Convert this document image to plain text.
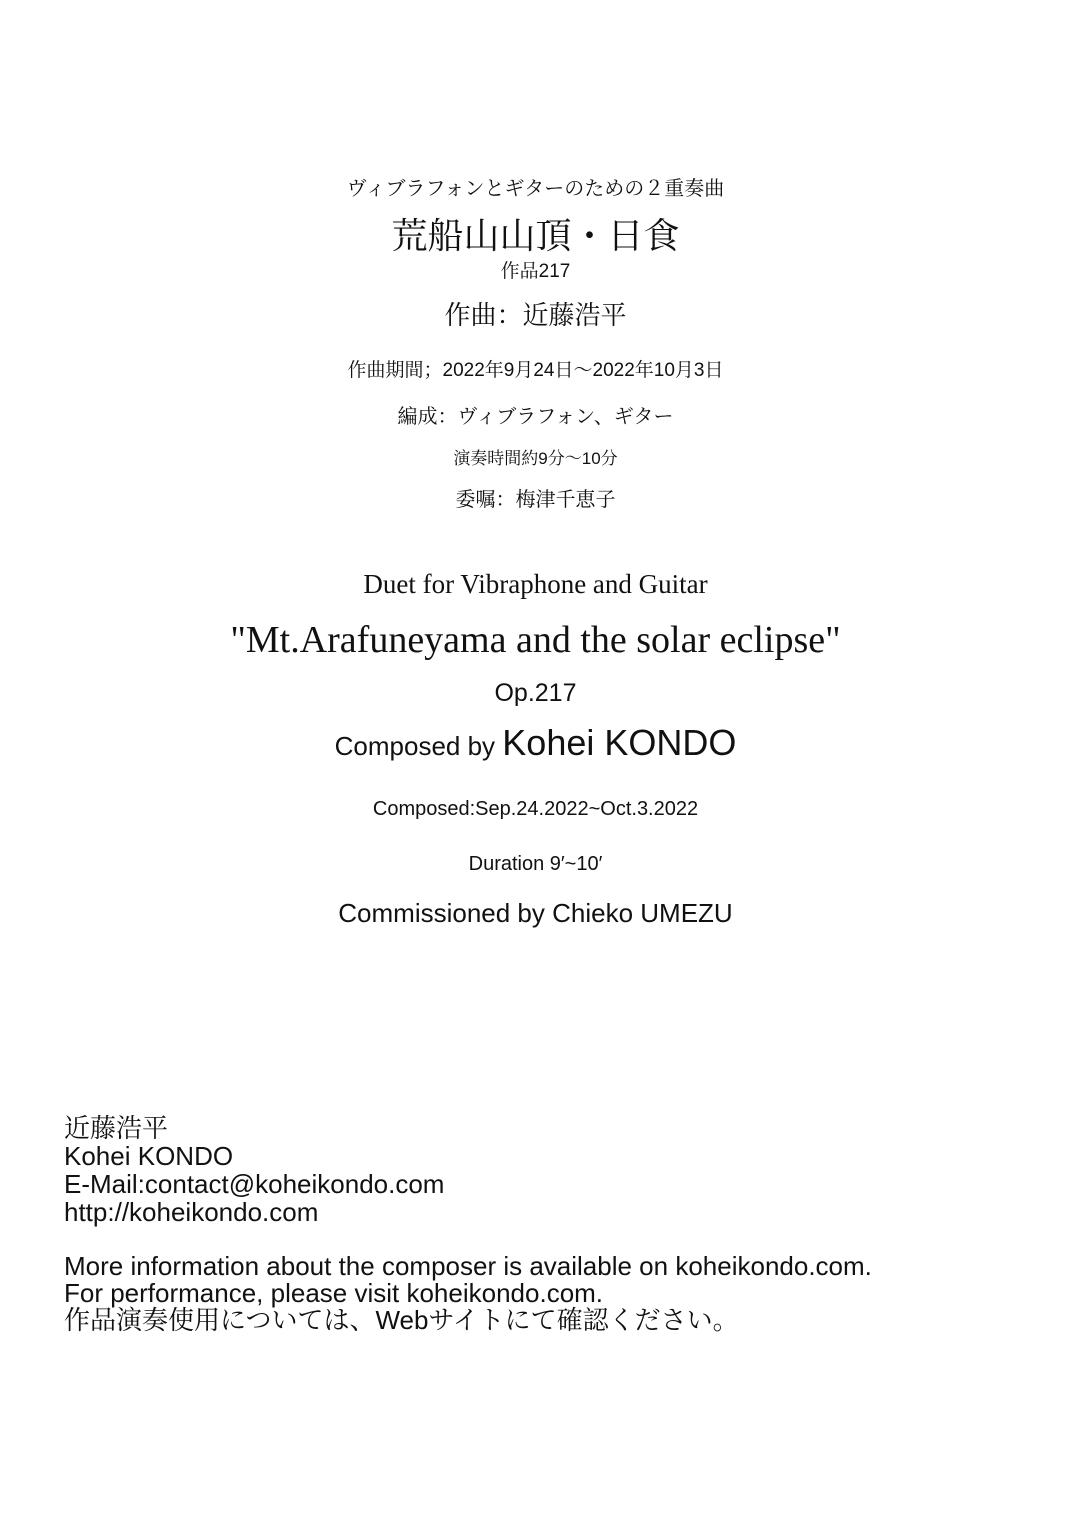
ヴィブラフォンとギターのための２重奏曲
荒船山山頂・日食
作品217
作曲：近藤浩平
作曲期間；2022年9月24日〜2022年10月3日
編成：ヴィブラフォン、ギター
演奏時間約9分〜10分
委嘱：梅津千恵子
Duet for Vibraphone and Guitar
"Mt.Arafuneyama and the solar eclipse"
Op.217
Composed by Kohei KONDO
Composed:Sep.24.2022~Oct.3.2022
Duration 9′~10′
Commissioned by Chieko UMEZU
近藤浩平
Kohei KONDO
E-Mail:contact@koheikondo.com
http://koheikondo.com
More information about the composer is available on koheikondo.com.
For performance, please visit koheikondo.com.
作品演奏使用については、Webサイトにて確認ください。
